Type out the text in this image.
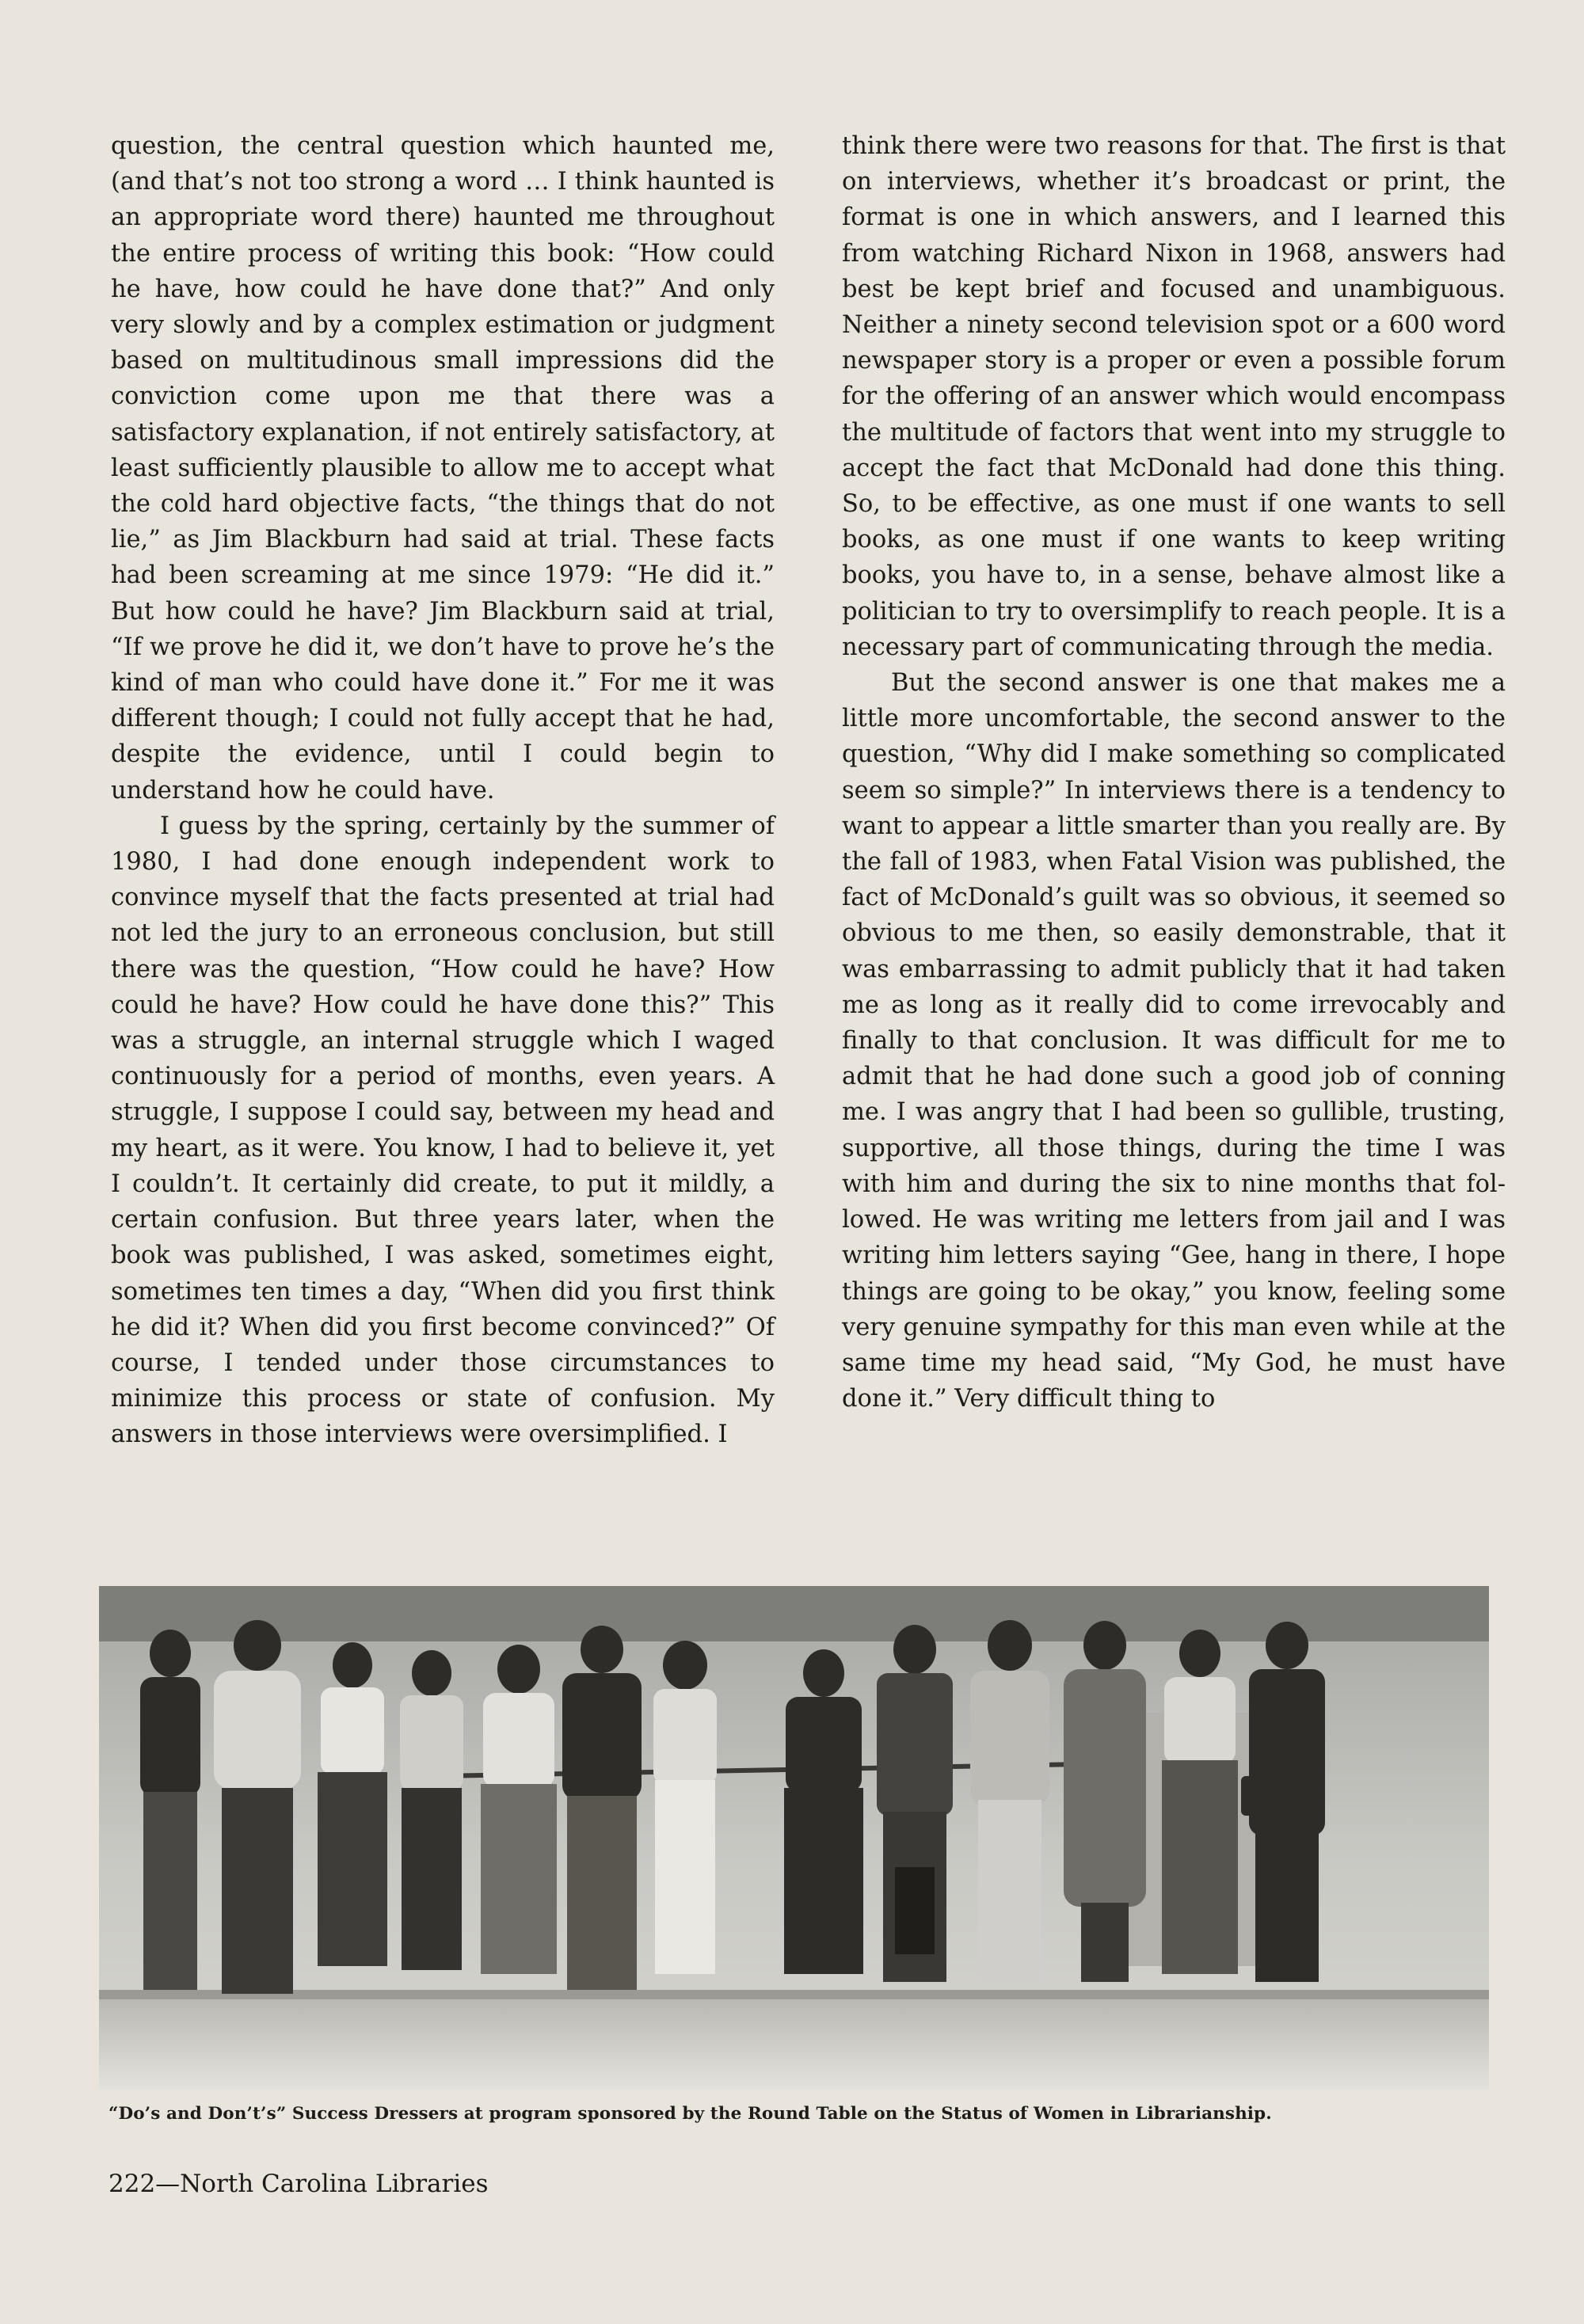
question, the central question which haunted me, (and that’s not too strong a word … I think haunted is an appropriate word there) haunted me throughout the entire process of writing this book: “How could he have, how could he have done that?” And only very slowly and by a complex estimation or judgment based on multitudinous small impressions did the conviction come upon me that there was a satisfactory explanation, if not entirely satisfactory, at least sufficiently plausible to allow me to accept what the cold hard objective facts, “the things that do not lie,” as Jim Blackburn had said at trial. These facts had been screaming at me since 1979: “He did it.” But how could he have? Jim Blackburn said at trial, “If we prove he did it, we don’t have to prove he’s the kind of man who could have done it.” For me it was different though; I could not fully accept that he had, despite the evidence, until I could begin to understand how he could have.

I guess by the spring, certainly by the summer of 1980, I had done enough independent work to convince myself that the facts presented at trial had not led the jury to an erroneous conclusion, but still there was the question, “How could he have? How could he have? How could he have done this?” This was a struggle, an internal struggle which I waged continuously for a period of months, even years. A struggle, I suppose I could say, between my head and my heart, as it were. You know, I had to believe it, yet I couldn’t. It certainly did create, to put it mildly, a certain confusion. But three years later, when the book was published, I was asked, sometimes eight, sometimes ten times a day, “When did you first think he did it? When did you first become convinced?” Of course, I tended under those circumstances to minimize this process or state of confusion. My answers in those interviews were oversimplified. I

think there were two reasons for that. The first is that on interviews, whether it’s broadcast or print, the format is one in which answers, and I learned this from watching Richard Nixon in 1968, answers had best be kept brief and focused and unambiguous. Neither a ninety second television spot or a 600 word newspaper story is a proper or even a possible forum for the offering of an answer which would encompass the multitude of factors that went into my struggle to accept the fact that McDonald had done this thing. So, to be effective, as one must if one wants to sell books, as one must if one wants to keep writing books, you have to, in a sense, behave almost like a politician to try to oversimplify to reach people. It is a necessary part of communicating through the media.

But the second answer is one that makes me a little more uncomfortable, the second answer to the question, “Why did I make something so complicated seem so simple?” In interviews there is a tendency to want to appear a little smarter than you really are. By the fall of 1983, when Fatal Vision was published, the fact of McDonald’s guilt was so obvious, it seemed so obvious to me then, so easily demonstrable, that it was embarrassing to admit publicly that it had taken me as long as it really did to come irrevocably and finally to that conclusion. It was difficult for me to admit that he had done such a good job of conning me. I was angry that I had been so gullible, trusting, supportive, all those things, during the time I was with him and during the six to nine months that followed. He was writing me letters from jail and I was writing him letters saying “Gee, hang in there, I hope things are going to be okay,” you know, feeling some very genuine sympathy for this man even while at the same time my head said, “My God, he must have done it.” Very difficult thing to

“Do’s and Don’t’s” Success Dressers at program sponsored by the Round Table on the Status of Women in Librarianship.
222—North Carolina Libraries
